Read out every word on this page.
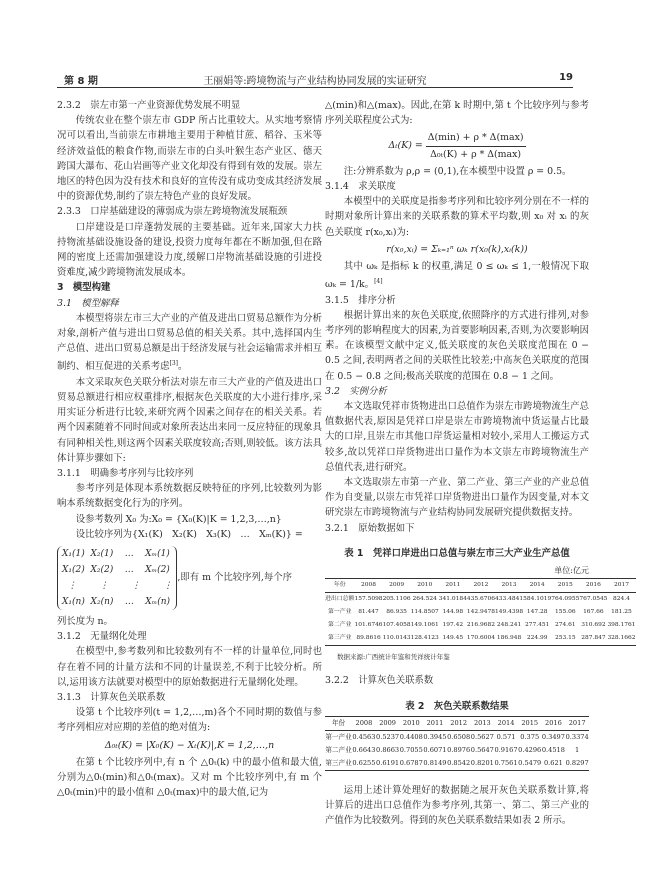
第 8 期	王丽娟等:跨境物流与产业结构协同发展的实证研究	19

2.3.2　崇左市第一产业资源优势发展不明显

传统农业在整个崇左市 GDP 所占比重较大。从实地考察情况可以看出,当前崇左市耕地主要用于种植甘蔗、稻谷、玉米等经济效益低的粮食作物,而崇左市的白头叶猴生态产业区、德天跨国大瀑布、花山岩画等产业文化却没有得到有效的发展。崇左地区的特色因为没有技术和良好的宣传没有成功变成其经济发展中的资源优势,制约了崇左特色产业的良好发展。

2.3.3　口岸基础建设的薄弱成为崇左跨境物流发展瓶颈

口岸建设是口岸蓬勃发展的主要基础。近年来,国家大力扶持物流基础设施设备的建设,投资力度每年都在不断加强,但在路网的密度上还需加强建设力度,缓解口岸物流基础设施的引进投资难度,减少跨境物流发展成本。

3　模型构建

3.1　模型解释

本模型将崇左市三大产业的产值及进出口贸易总额作为分析对象,剖析产值与进出口贸易总值的相关关系。其中,选择国内生产总值、进出口贸易总额是出于经济发展与社会运输需求并相互制约、相互促进的关系考虑[3]。

本文采取灰色关联分析法对崇左市三大产业的产值及进出口贸易总额进行相应权重排序,根据灰色关联度的大小进行排序,采用实证分析进行比较,来研究两个因素之间存在的相关关系。若两个因素随着不同时间或对象所表达出来同一反应特征的现象具有同种相关性,则这两个因素关联度较高;否则,则较低。该方法具体计算步骤如下:

3.1.1　明确参考序列与比较序列

参考序列是体现本系统数据反映特征的序列,比较数列为影响本系统数据变化行为的序列。

设参考数列 X₀ 为:X₀ = {X₀(K)|K = 1,2,3,…,n}

设比较序列为{X₁(K)　X₂(K)　X₃(K)　…　Xₘ(K)} =

X₁(1)  X₂(1)    …    Xₘ(1)
X₁(2)  X₂(2)    …    Xₘ(2)
⋮        ⋮        ⋮        ⋮
X₁(n)  X₂(n)    …    Xₘ(n)
,即有 m 个比较序列,每个序

列长度为 n。

3.1.2　无量纲化处理

在模型中,参考数列和比较数列有不一样的计量单位,同时也存在着不同的计量方法和不同的计量误差,不利于比较分析。所以,运用该方法就要对模型中的原始数据进行无量纲化处理。

3.1.3　计算灰色关联系数

设第 t 个比较序列(t = 1,2,…,m)各个不同时期的数值与参考序列相应对应期的差值的绝对值为:

Δ₀ₜ(K) = |X₀(K) − Xₜ(K)|,K = 1,2,…,n

在第 t 个比较序列中,有 n 个 △0ₜ(k) 中的最小值和最大值,分别为△0ₜ(min)和△0ₜ(max)。又对 m 个比较序列中,有 m 个△0ₜ(min)中的最小值和 △0ₜ(max)中的最大值,记为

△(min)和△(max)。因此,在第 k 时期中,第 t 个比较序列与参考序列关联程度公式为:

$\Delta_t(K) = \frac{\Delta(\min) + \rho * \Delta(\max)}{\text{Δ₀ₜ(K) + ρ * Δ(max)}}$

注:分辨系数为 ρ,ρ = (0,1),在本模型中设置 ρ = 0.5。

3.1.4　求关联度

本模型中的关联度是指参考序列和比较序列分别在不一样的时期对象所计算出来的关联系数的算术平均数,则 x₀ 对 xᵢ 的灰色关联度 r(x₀,xᵢ)为:

r(x₀,xᵢ) = Σₖ₌₁ⁿ ωₖ r(x₀(k),xᵢ(k))

其中 ωₖ 是指标 k 的权重,满足 0 ≤ ωₖ ≤ 1,一般情况下取 ωₖ = 1/k。[4]

3.1.5　排序分析

根据计算出来的灰色关联度,依照降序的方式进行排列,对参考序列的影响程度大的因素,为首要影响因素,否则,为次要影响因素。在该模型文献中定义,低关联度的灰色关联度范围在 0 − 0.5 之间,表明两者之间的关联性比较差;中高灰色关联度的范围在 0.5 − 0.8 之间;极高关联度的范围在 0.8 − 1 之间。

3.2　实例分析

本文选取凭祥市货物进出口总值作为崇左市跨境物流生产总值数据代表,原因是凭祥口岸是崇左市跨境物流中货运量占比最大的口岸,且崇左市其他口岸货运量相对较小,采用人工搬运方式较多,故以凭祥口岸货物进出口量作为本文崇左市跨境物流生产总值代表,进行研究。

本文选取崇左市第一产业、第二产业、第三产业的产业总值作为自变量,以崇左市凭祥口岸货物进出口量作为因变量,对本文研究崇左市跨境物流与产业结构协同发展研究提供数据支持。

3.2.1　原始数据如下

表 1　凭祥口岸进出口总值与崇左市三大产业生产总值

单位:亿元

年份	2008	2009	2010	2011	2012	2013	2014	2015	2016	2017
进出口总额	157.5098	205.1106	264.524	341.0184	435.6706	433.4841	584.1019	764.0955	767.0545	824.4
第一产业	81.447	86.935	114.8507	144.98	142.9478	149.4398	147.28	155.06	167.66	181.25
第二产业	101.6746	107.4058	149.1061	197.42	216.9682	248.241	277.451	274.61	310.692	398.1761
第三产业	89.8616	110.0143	128.4123	149.45	170.6004	186.948	224.99	253.15	287.847	328.1662

数据来源:广西统计年鉴和凭祥统计年鉴

3.2.2　计算灰色关联系数

表 2　灰色关联系数结果
年份	2008	2009	2010	2011	2012	2013	2014	2015	2016	2017
第一产业	0.4563	0.5237	0.4408	0.3945	0.6508	0.5627	0.571	0.375	0.3497	0.3374
第二产业	0.6643	0.8663	0.7055	0.6071	0.8976	0.5647	0.9167	0.4296	0.4518	1
第三产业	0.6255	0.6191	0.6787	0.8149	0.8542	0.8201	0.7561	0.5479	0.621	0.8297

运用上述计算处理好的数据随之展开灰色关联系数计算,将计算后的进出口总值作为参考序列,其第一、第二、第三产业的产值作为比较数列。得到的灰色关联系数结果如表 2 所示。
